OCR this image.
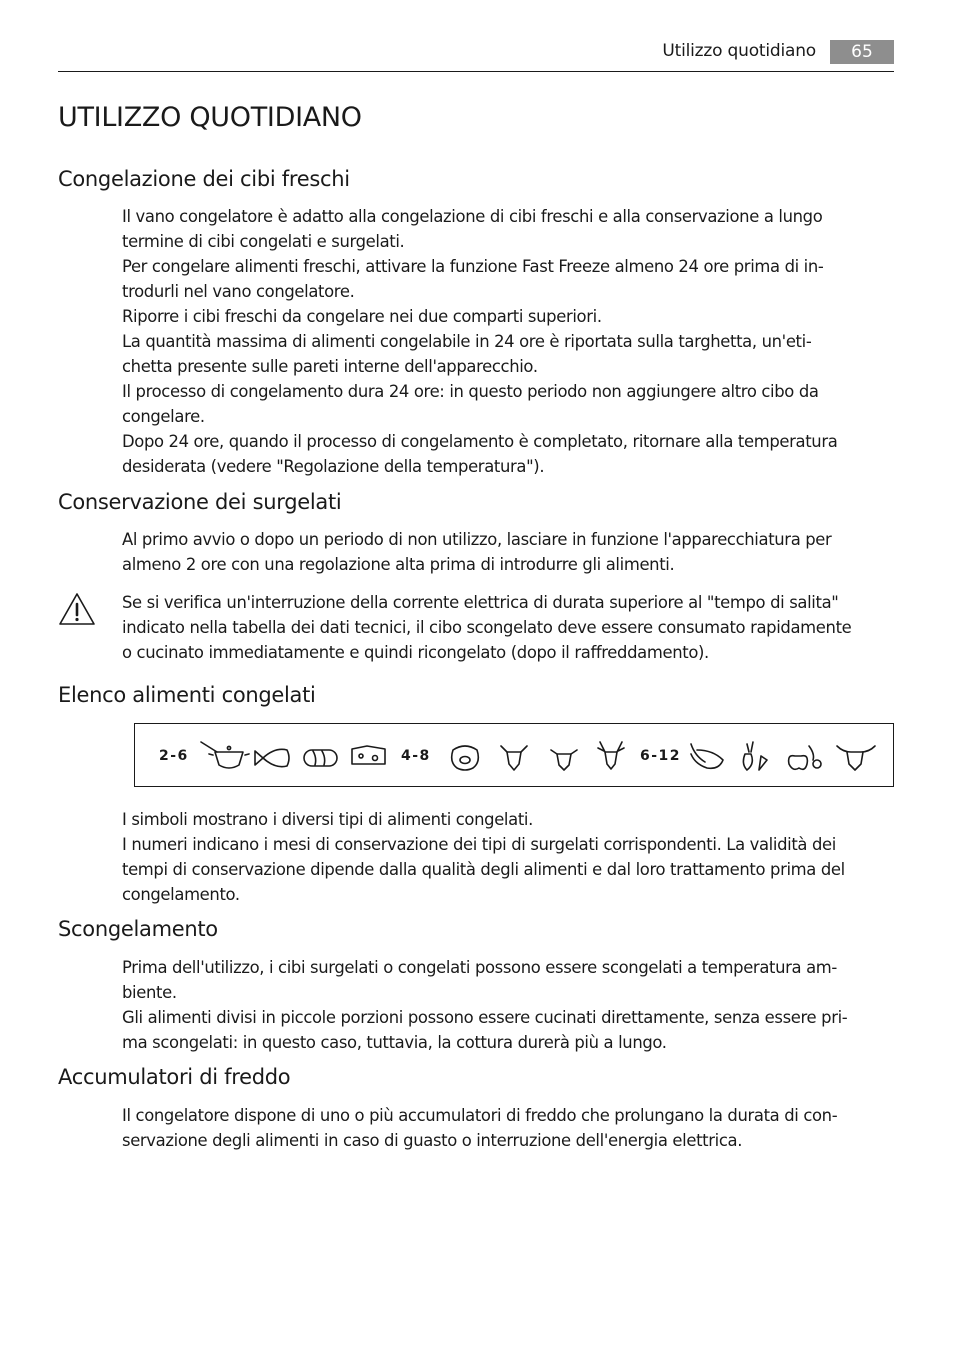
Utilizzo quotidiano	65
UTILIZZO QUOTIDIANO
Congelazione dei cibi freschi
Il vano congelatore è adatto alla congelazione di cibi freschi e alla conservazione a lungo
termine di cibi congelati e surgelati.
Per congelare alimenti freschi, attivare la funzione Fast Freeze almeno 24 ore prima di in-
trodurli nel vano congelatore.
Riporre i cibi freschi da congelare nei due comparti superiori.
La quantità massima di alimenti congelabile in 24 ore è riportata sulla targhetta, un'eti-
chetta presente sulle pareti interne dell'apparecchio.
Il processo di congelamento dura 24 ore: in questo periodo non aggiungere altro cibo da
congelare.
Dopo 24 ore, quando il processo di congelamento è completato, ritornare alla temperatura
desiderata (vedere "Regolazione della temperatura").
Conservazione dei surgelati
Al primo avvio o dopo un periodo di non utilizzo, lasciare in funzione l'apparecchiatura per
almeno 2 ore con una regolazione alta prima di introdurre gli alimenti.
Se si verifica un'interruzione della corrente elettrica di durata superiore al "tempo di salita"
indicato nella tabella dei dati tecnici, il cibo scongelato deve essere consumato rapidamente
o cucinato immediatamente e quindi ricongelato (dopo il raffreddamento).
Elenco alimenti congelati
2-6	4-8	6-12
I simboli mostrano i diversi tipi di alimenti congelati.
I numeri indicano i mesi di conservazione dei tipi di surgelati corrispondenti. La validità dei
tempi di conservazione dipende dalla qualità degli alimenti e dal loro trattamento prima del
congelamento.
Scongelamento
Prima dell'utilizzo, i cibi surgelati o congelati possono essere scongelati a temperatura am-
biente.
Gli alimenti divisi in piccole porzioni possono essere cucinati direttamente, senza essere pri-
ma scongelati: in questo caso, tuttavia, la cottura durerà più a lungo.
Accumulatori di freddo
Il congelatore dispone di uno o più accumulatori di freddo che prolungano la durata di con-
servazione degli alimenti in caso di guasto o interruzione dell'energia elettrica.
